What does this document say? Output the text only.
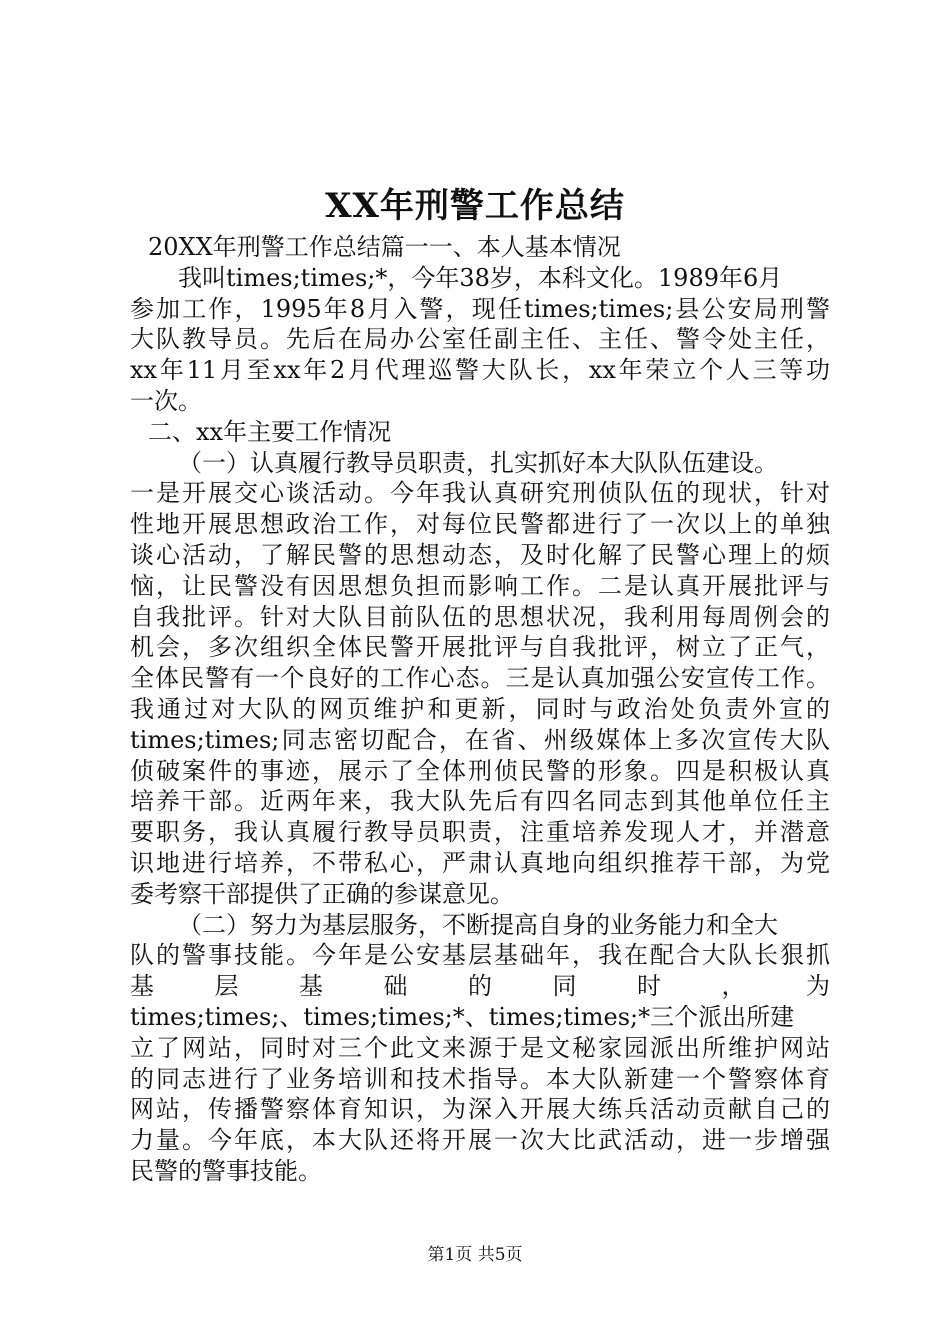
XX年刑警工作总结
20XX年刑警工作总结篇一一、本人基本情况
我叫times;times;*，今年38岁，本科文化。1989年6月
参加工作，1995年8月入警，现任times;times;县公安局刑警
大队教导员。先后在局办公室任副主任、主任、警令处主任，
xx年11月至xx年2月代理巡警大队长，xx年荣立个人三等功
一次。
二、xx年主要工作情况
（一）认真履行教导员职责，扎实抓好本大队队伍建设。
一是开展交心谈活动。今年我认真研究刑侦队伍的现状，针对
性地开展思想政治工作，对每位民警都进行了一次以上的单独
谈心活动，了解民警的思想动态，及时化解了民警心理上的烦
恼，让民警没有因思想负担而影响工作。二是认真开展批评与
自我批评。针对大队目前队伍的思想状况，我利用每周例会的
机会，多次组织全体民警开展批评与自我批评，树立了正气，
全体民警有一个良好的工作心态。三是认真加强公安宣传工作。
我通过对大队的网页维护和更新，同时与政治处负责外宣的
times;times;同志密切配合，在省、州级媒体上多次宣传大队
侦破案件的事迹，展示了全体刑侦民警的形象。四是积极认真
培养干部。近两年来，我大队先后有四名同志到其他单位任主
要职务，我认真履行教导员职责，注重培养发现人才，并潜意
识地进行培养，不带私心，严肃认真地向组织推荐干部，为党
委考察干部提供了正确的参谋意见。
（二）努力为基层服务，不断提高自身的业务能力和全大
队的警事技能。今年是公安基层基础年，我在配合大队长狠抓
基 层 基 础 的 同 时 ， 为
times;times;、times;times;*、times;times;*三个派出所建
立了网站，同时对三个此文来源于是文秘家园派出所维护网站
的同志进行了业务培训和技术指导。本大队新建一个警察体育
网站，传播警察体育知识，为深入开展大练兵活动贡献自己的
力量。今年底，本大队还将开展一次大比武活动，进一步增强
民警的警事技能。
第1页 共5页
